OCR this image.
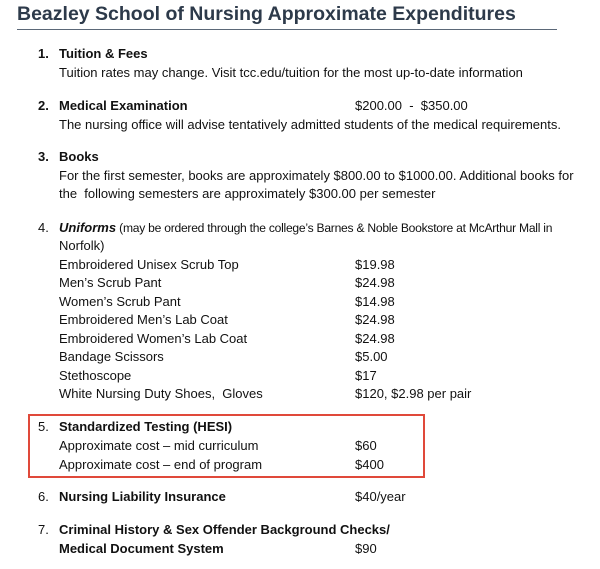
Beazley School of Nursing Approximate Expenditures
1. Tuition & Fees
Tuition rates may change. Visit tcc.edu/tuition for the most up-to-date information
2. Medical Examination	$200.00  -  $350.00
The nursing office will advise tentatively admitted students of the medical requirements.
3. Books
For the first semester, books are approximately $800.00 to $1000.00. Additional books for
the  following semesters are approximately $300.00 per semester
4. Uniforms (may be ordered through the college’s Barnes & Noble Bookstore at McArthur Mall in
Norfolk)
Embroidered Unisex Scrub Top	$19.98
Men’s Scrub Pant	$24.98
Women’s Scrub Pant	$14.98
Embroidered Men’s Lab Coat	$24.98
Embroidered Women’s Lab Coat	$24.98
Bandage Scissors	$5.00
Stethoscope	$17
White Nursing Duty Shoes,  Gloves	$120, $2.98 per pair
5. Standardized Testing (HESI)
Approximate cost – mid curriculum	$60
Approximate cost – end of program	$400
6. Nursing Liability Insurance	$40/year
7. Criminal History & Sex Offender Background Checks/
Medical Document System	$90
